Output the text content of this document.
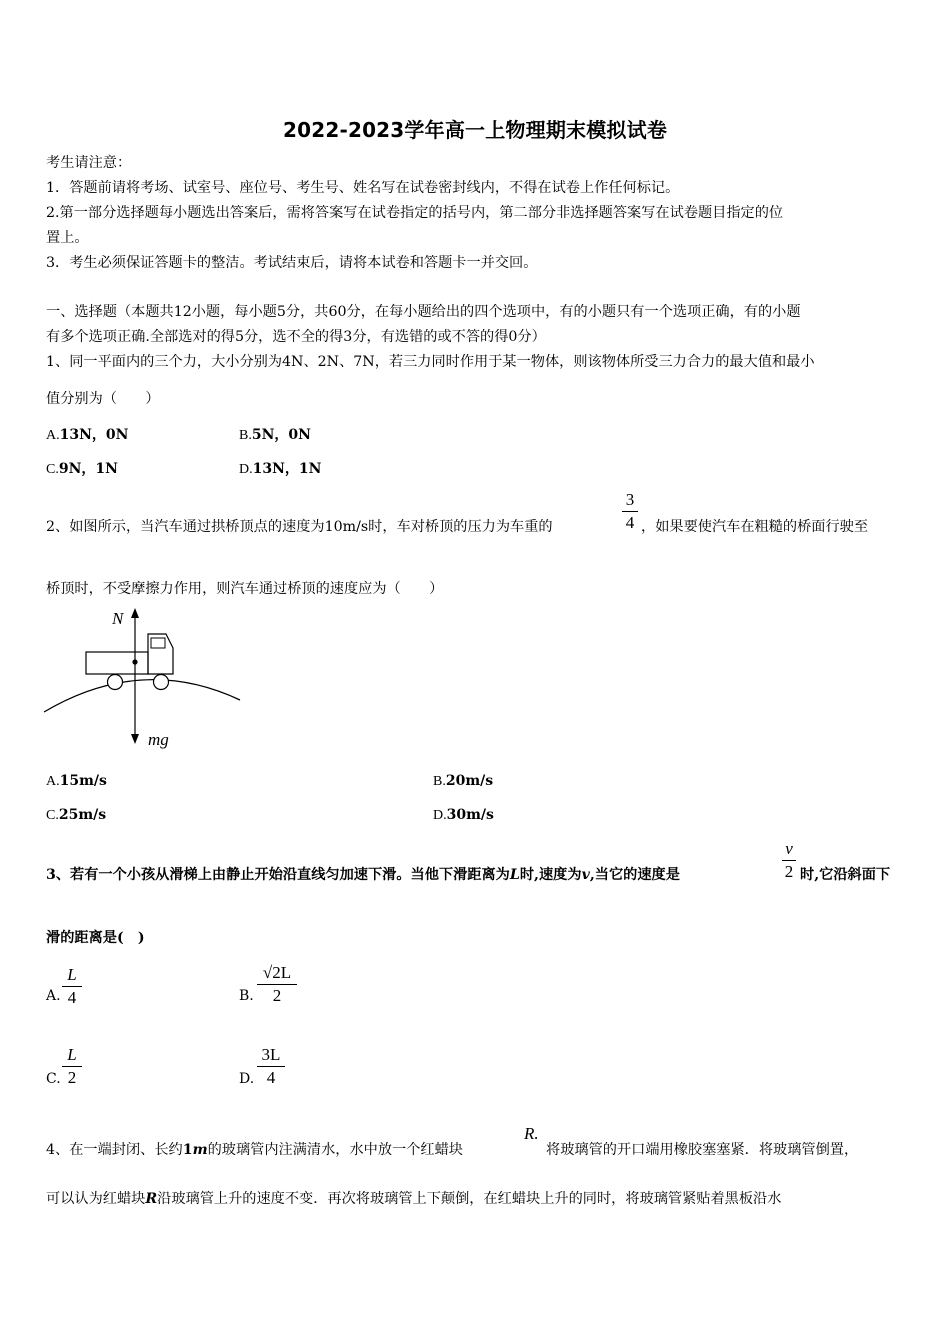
2022-2023学年高一上物理期末模拟试卷
考生请注意：
1．答题前请将考场、试室号、座位号、考生号、姓名写在试卷密封线内，不得在试卷上作任何标记。
2.第一部分选择题每小题选出答案后，需将答案写在试卷指定的括号内，第二部分非选择题答案写在试卷题目指定的位
置上。
3．考生必须保证答题卡的整洁。考试结束后，请将本试卷和答题卡一并交回。
一、选择题（本题共12小题，每小题5分，共60分，在每小题给出的四个选项中，有的小题只有一个选项正确，有的小题
有多个选项正确.全部选对的得5分，选不全的得3分，有选错的或不答的得0分）
1、同一平面内的三个力，大小分别为4N、2N、7N，若三力同时作用于某一物体，则该物体所受三力合力的最大值和最小
值分别为（　　）
A.13N，0N	B.5N，0N
C.9N，1N	D.13N，1N
2、如图所示，当汽车通过拱桥顶点的速度为10m/s时，车对桥顶的压力为车重的
3
4 ，如果要使汽车在粗糙的桥面行驶至
桥顶时，不受摩擦力作用，则汽车通过桥顶的速度应为（　　）
N
mg
A.15m/s	B.20m/s
C.25m/s	D.30m/s
3、若有一个小孩从滑梯上由静止开始沿直线匀加速下滑。当他下滑距离为L时,速度为v,当它的速度是
v
2 时,它沿斜面下
滑的距离是(　)
A.
L
4	B.
√2L
2
C.
L
2	D.
3L
4
4、在一端封闭、长约1m的玻璃管内注满清水，水中放一个红蜡块
R.
将玻璃管的开口端用橡胶塞塞紧．将玻璃管倒置，
可以认为红蜡块R沿玻璃管上升的速度不变．再次将玻璃管上下颠倒，在红蜡块上升的同时，将玻璃管紧贴着黑板沿水
